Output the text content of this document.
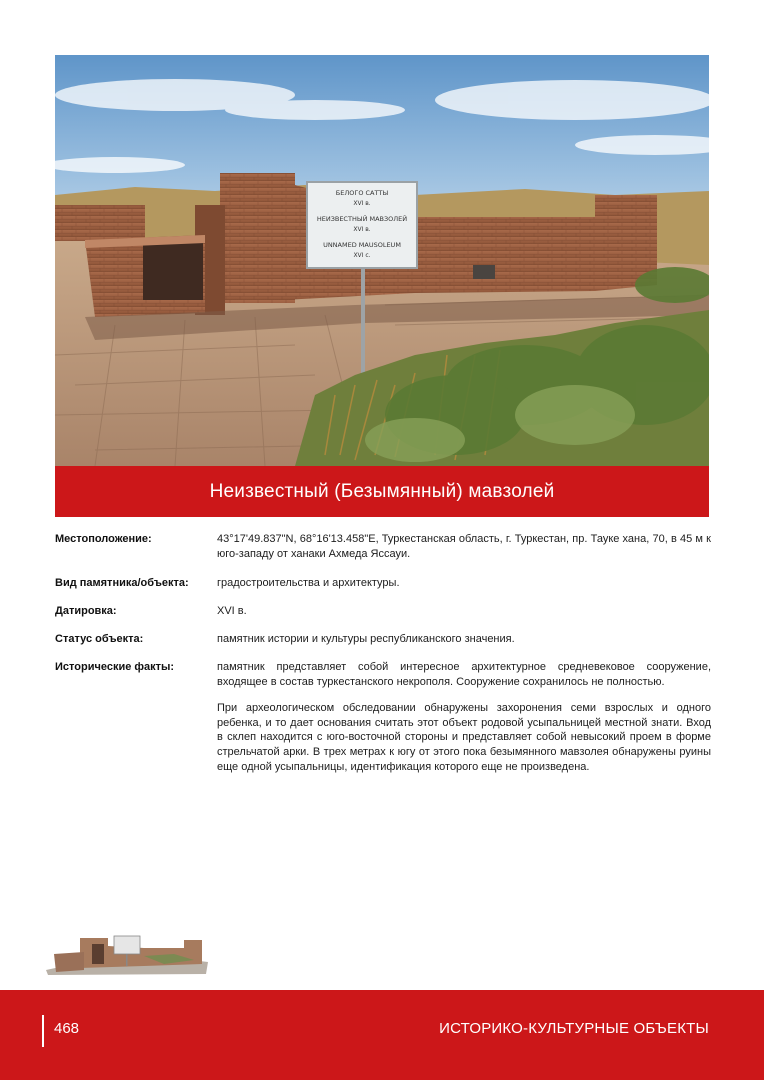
БЕЛОГО САТТЫ
XVI в.
НЕИЗВЕСТНЫЙ МАВЗОЛЕЙ
XVI в.
UNNAMED MAUSOLEUM
XVI c.
Неизвестный (Безымянный) мавзолей
Местоположение:	43°17'49.837"N, 68°16'13.458"E, Туркестанская область, г. Туркестан, пр. Тауке хана, 70, в 45 м к юго-западу от ханаки Ахмеда Яссауи.

Вид памятника/объекта:	градостроительства и архитектуры.

Датировка:	XVI в.

Статус объекта:	памятник истории и культуры республиканского значения.

Исторические факты:	памятник представляет собой интересное архитектурное средневековое сооружение, входящее в состав туркестанского некрополя. Сооружение сохранилось не полностью.

При археологическом обследовании обнаружены захоронения семи взрослых и одного ребенка, и то дает основания считать этот объект родовой усыпальницей местной знати. Вход в склеп находится с юго-восточной стороны и представляет собой невысокий проем в форме стрельчатой арки. В трех метрах к югу от этого пока безымянного мавзолея обнаружены руины еще одной усыпальницы, идентификация которого еще не произведена.

468	ИСТОРИКО-КУЛЬТУРНЫЕ ОБЪЕКТЫ
